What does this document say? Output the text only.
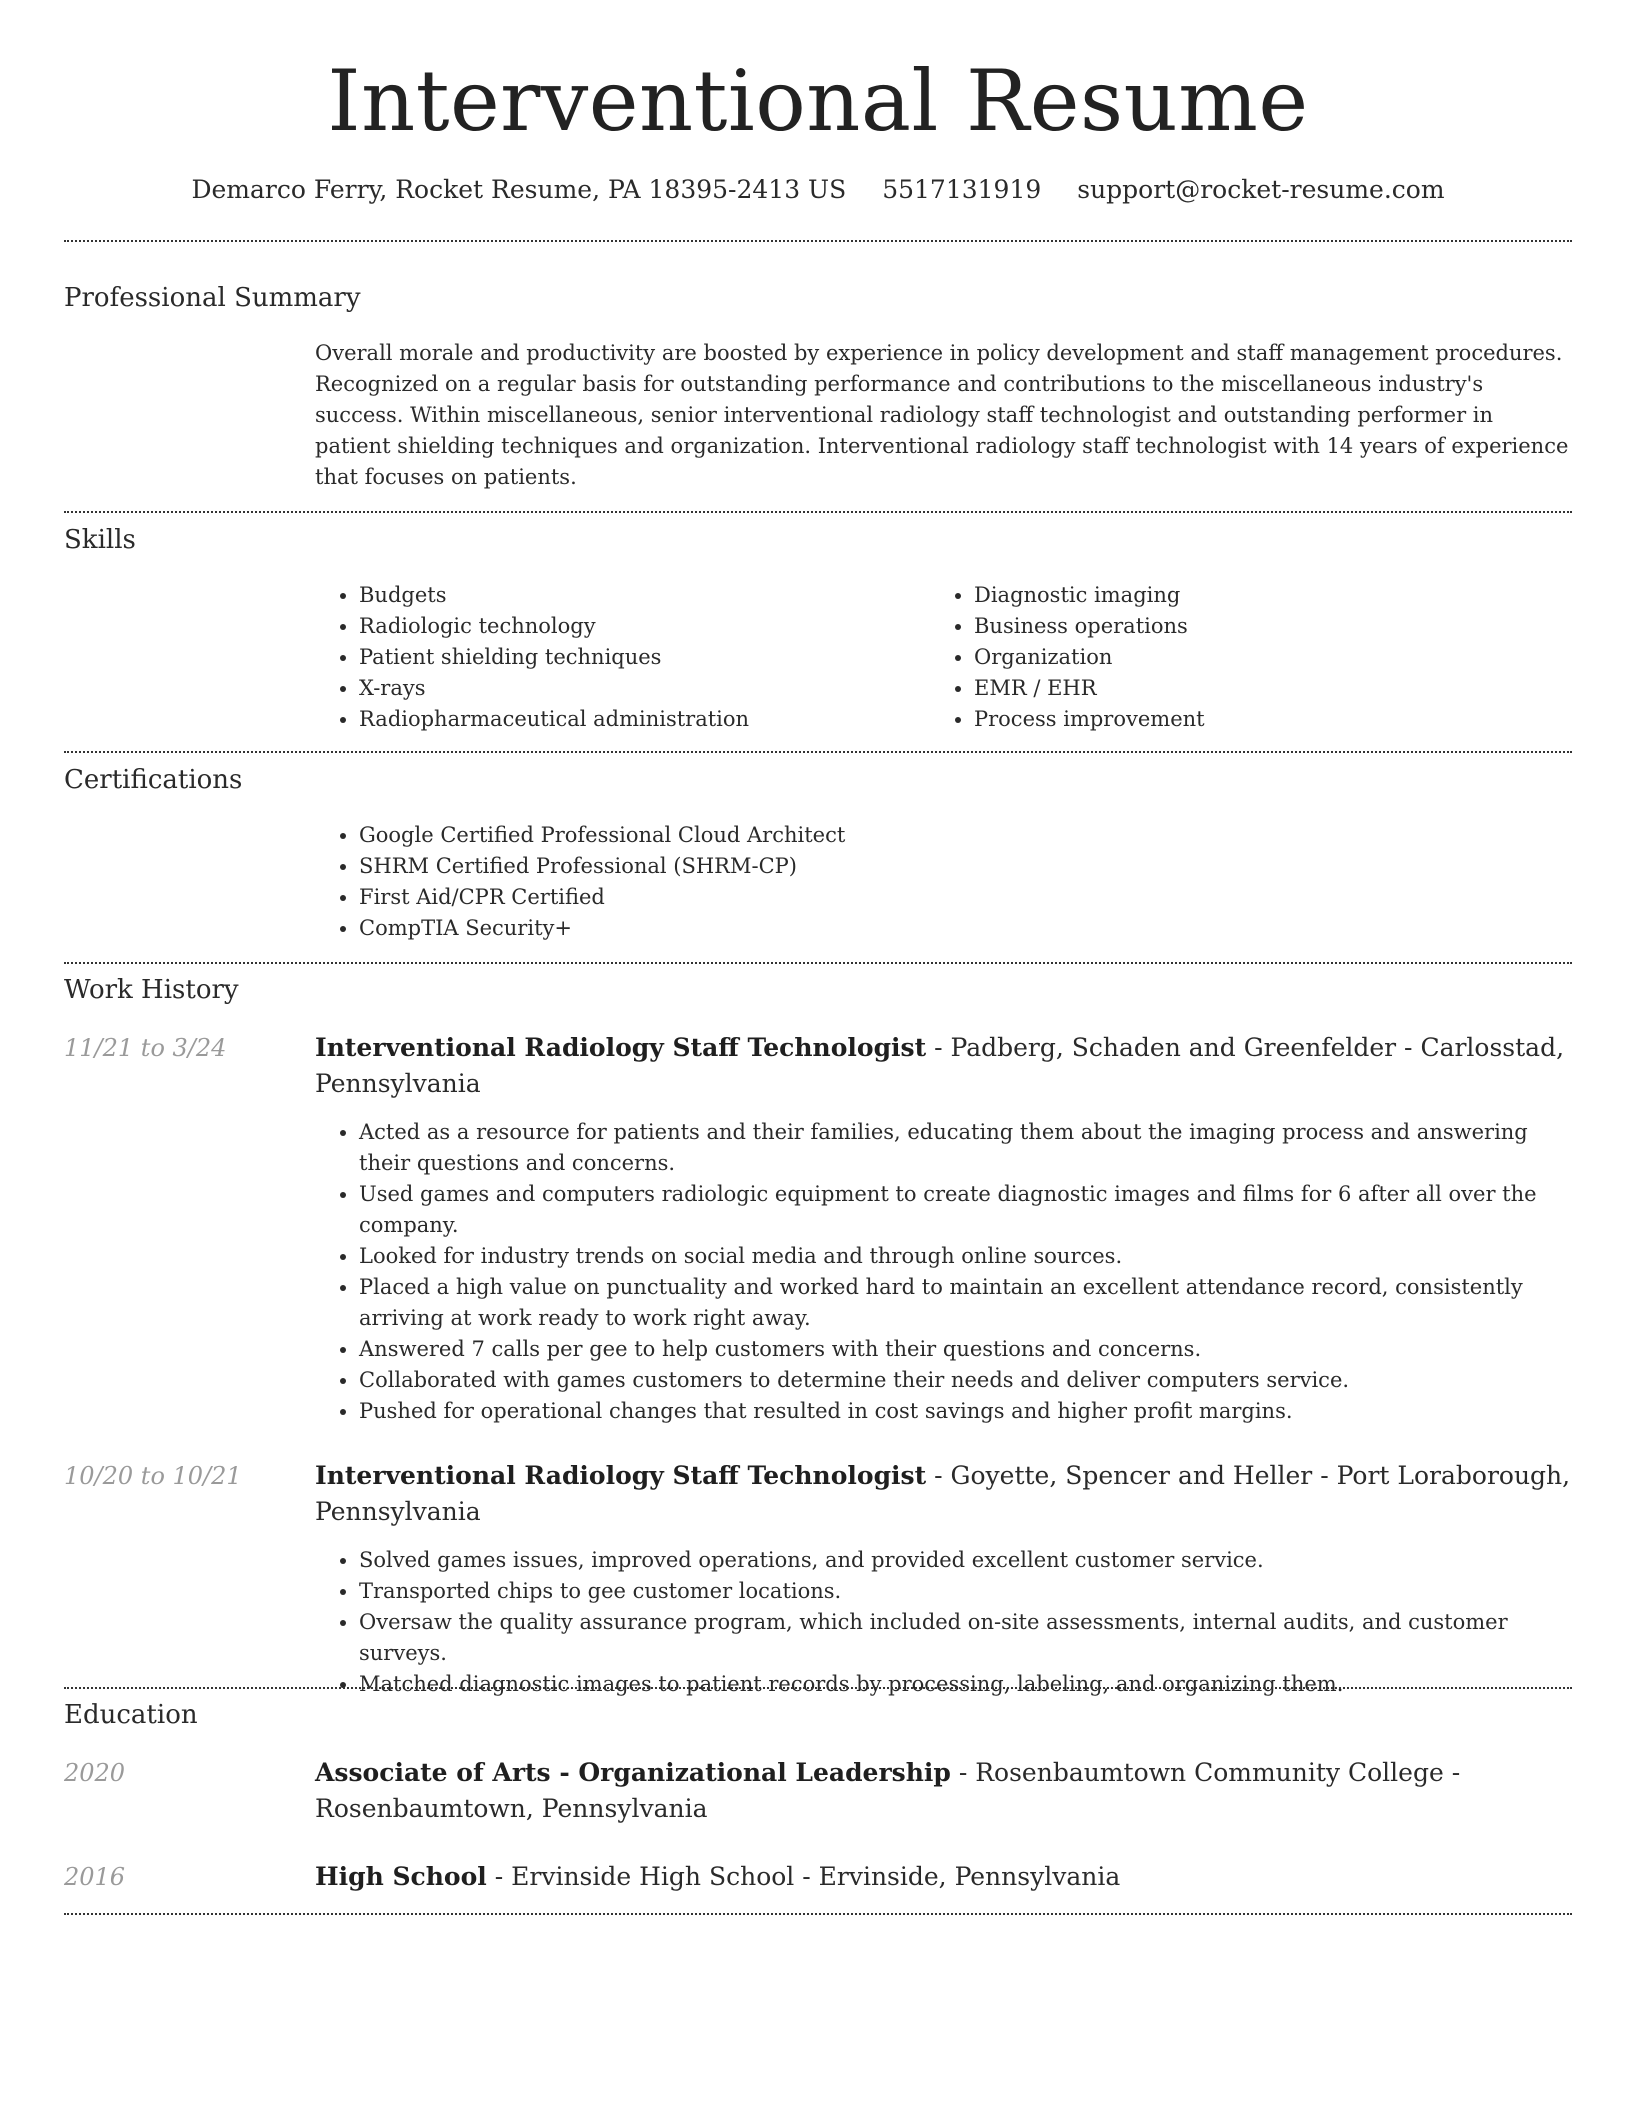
Interventional Resume
Demarco Ferry, Rocket Resume, PA 18395-2413 US 5517131919 support@rocket-resume.com
Professional Summary
Overall morale and productivity are boosted by experience in policy development and staff management procedures. Recognized on a regular basis for outstanding performance and contributions to the miscellaneous industry's success. Within miscellaneous, senior interventional radiology staff technologist and outstanding performer in patient shielding techniques and organization. Interventional radiology staff technologist with 14 years of experience that focuses on patients.
Skills
• Budgets
• Radiologic technology
• Patient shielding techniques
• X-rays
• Radiopharmaceutical administration
• Diagnostic imaging
• Business operations
• Organization
• EMR / EHR
• Process improvement
Certifications
• Google Certified Professional Cloud Architect
• SHRM Certified Professional (SHRM-CP)
• First Aid/CPR Certified
• CompTIA Security+
Work History
11/21 to 3/24	Interventional Radiology Staff Technologist - Padberg, Schaden and Greenfelder - Carlosstad, Pennsylvania
• Acted as a resource for patients and their families, educating them about the imaging process and answering their questions and concerns.
• Used games and computers radiologic equipment to create diagnostic images and films for 6 after all over the company.
• Looked for industry trends on social media and through online sources.
• Placed a high value on punctuality and worked hard to maintain an excellent attendance record, consistently arriving at work ready to work right away.
• Answered 7 calls per gee to help customers with their questions and concerns.
• Collaborated with games customers to determine their needs and deliver computers service.
• Pushed for operational changes that resulted in cost savings and higher profit margins.
10/20 to 10/21	Interventional Radiology Staff Technologist - Goyette, Spencer and Heller - Port Loraborough, Pennsylvania
• Solved games issues, improved operations, and provided excellent customer service.
• Transported chips to gee customer locations.
• Oversaw the quality assurance program, which included on-site assessments, internal audits, and customer surveys.
• Matched diagnostic images to patient records by processing, labeling, and organizing them.
Education
2020	Associate of Arts - Organizational Leadership - Rosenbaumtown Community College - Rosenbaumtown, Pennsylvania
2016	High School - Ervinside High School - Ervinside, Pennsylvania
